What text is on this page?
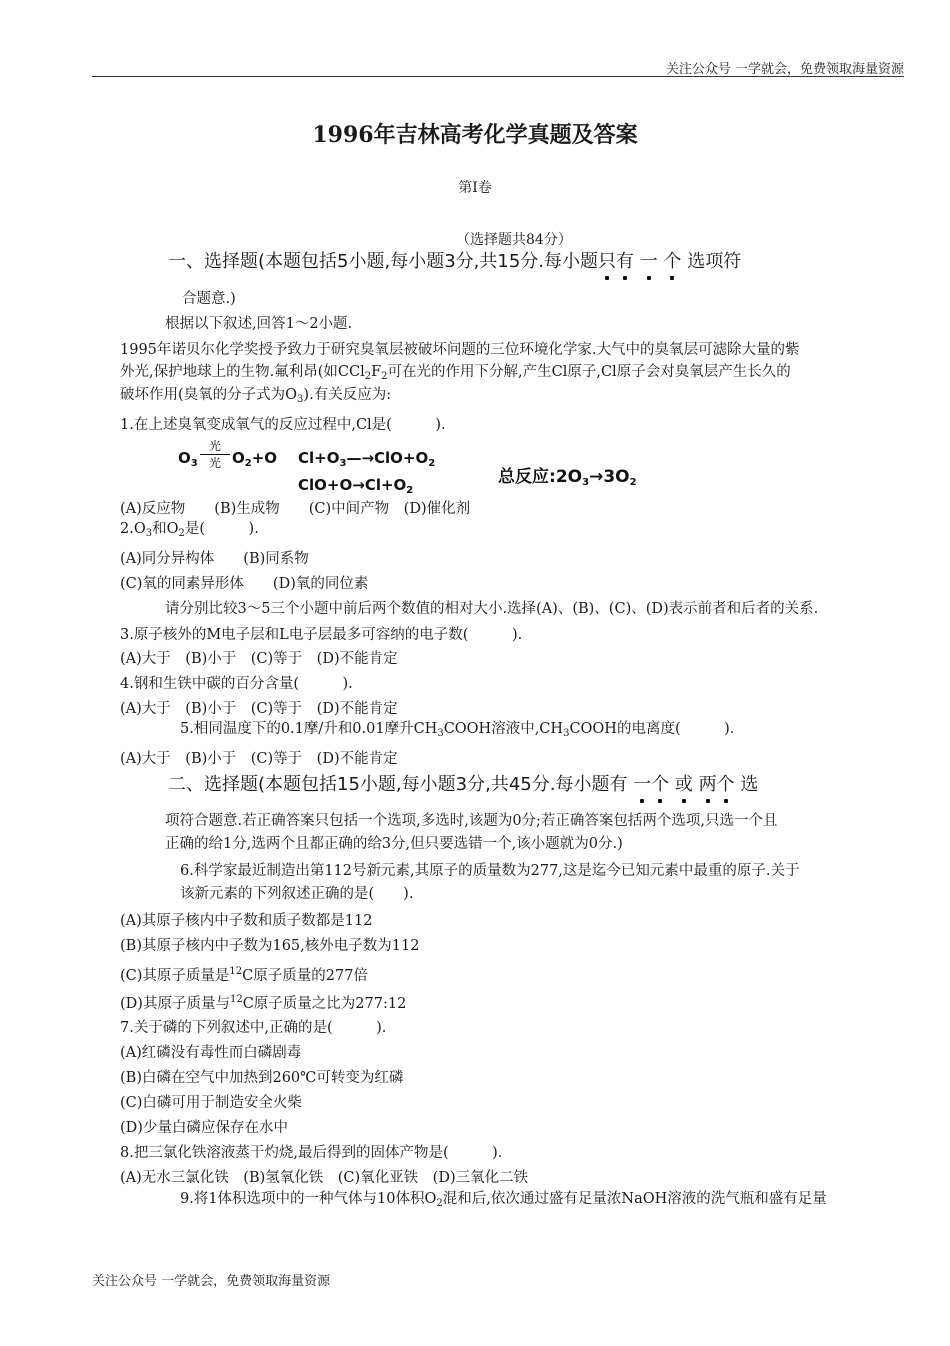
关注公众号 一学就会，免费领取海量资源
1996年吉林高考化学真题及答案
第Ⅰ卷
（选择题共84分）
一、选择题(本题包括5小题,每小题3分,共15分.每小题只有 一 个 选项符
合题意.)
根据以下叙述,回答1～2小题.
1995年诺贝尔化学奖授予致力于研究臭氧层被破坏问题的三位环境化学家.大气中的臭氧层可滤除大量的紫
外光,保护地球上的生物.氟利昂(如$CCl_2F_2$可在光的作用下分解,产生Cl原子,Cl原子会对臭氧层产生长久的
破坏作用(臭氧的分子式为$O_3$).有关反应为:
1.在上述臭氧变成氧气的反应过程中,Cl是(　　　).
$O_3$
光
光 $O_2+O$ $Cl+O_3—\to ClO+O_2$
$ClO+O\to Cl+O_2$
总反应$:2O_3\to 3O_2$
(A)反应物　　(B)生成物　　(C)中间产物　(D)催化剂
$2.O_3$和$O_2$是(　　　).
(A)同分异构体　　(B)同系物
(C)氧的同素异形体　　(D)氧的同位素
请分别比较3～5三个小题中前后两个数值的相对大小.选择(A)、(B)、(C)、(D)表示前者和后者的关系.
3.原子核外的M电子层和L电子层最多可容纳的电子数(　　　).
(A)大于　(B)小于　(C)等于　(D)不能肯定
4.钢和生铁中碳的百分含量(　　　).
(A)大于　(B)小于　(C)等于　(D)不能肯定
5.相同温度下的0.1摩/升和0.01摩升$CH_3COOH$溶液中$,CH_3COOH$的电离度(　　　).
(A)大于　(B)小于　(C)等于　(D)不能肯定
二、选择题(本题包括15小题,每小题3分,共45分.每小题有 一个 或 两个 选
项符合题意.若正确答案只包括一个选项,多选时,该题为0分;若正确答案包括两个选项,只选一个且
正确的给1分,选两个且都正确的给3分,但只要选错一个,该小题就为0分.)
6.科学家最近制造出第112号新元素,其原子的质量数为277,这是迄今已知元素中最重的原子.关于
该新元素的下列叙述正确的是(　　).
(A)其原子核内中子数和质子数都是112
(B)其原子核内中子数为165,核外电子数为112
(C)其原子质量是$^{12}$C原子质量的277倍
(D)其原子质量与$^{12}$C原子质量之比为277:12
7.关于磷的下列叙述中,正确的是(　　　).
(A)红磷没有毒性而白磷剧毒
(B)白磷在空气中加热到260℃可转变为红磷
(C)白磷可用于制造安全火柴
(D)少量白磷应保存在水中
8.把三氯化铁溶液蒸干灼烧,最后得到的固体产物是(　　　).
(A)无水三氯化铁　(B)氢氧化铁　(C)氧化亚铁　(D)三氧化二铁
9.将1体积选项中的一种气体与10体积$O_2$混和后,依次通过盛有足量浓NaOH溶液的洗气瓶和盛有足量
关注公众号 一学就会，免费领取海量资源
